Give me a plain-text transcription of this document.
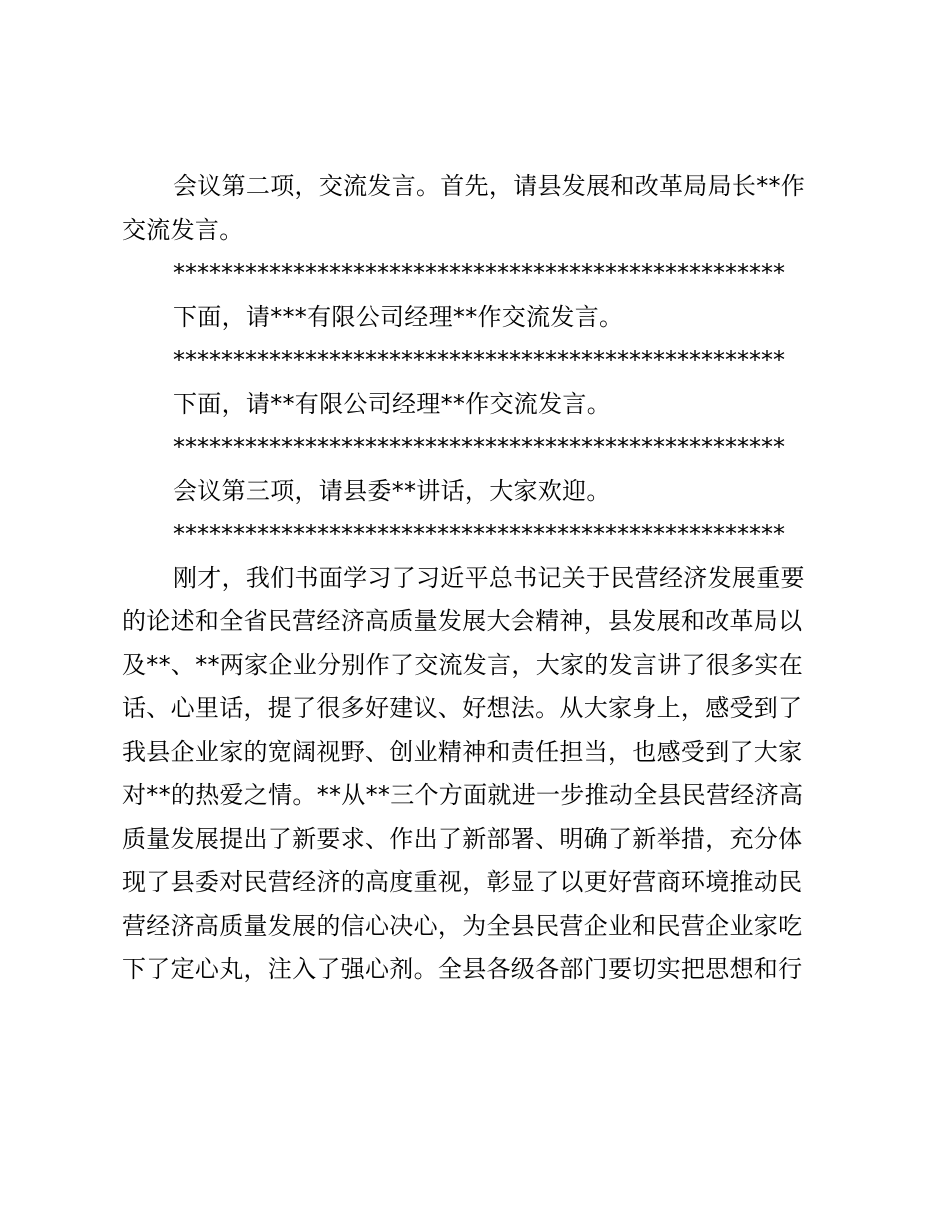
会议第二项，交流发言。首先，请县发展和改革局局长**作交流发言。

***************************************************

下面，请***有限公司经理**作交流发言。

***************************************************

下面，请**有限公司经理**作交流发言。

***************************************************

会议第三项，请县委**讲话，大家欢迎。

***************************************************

刚才，我们书面学习了习近平总书记关于民营经济发展重要的论述和全省民营经济高质量发展大会精神，县发展和改革局以及**、**两家企业分别作了交流发言，大家的发言讲了很多实在话、心里话，提了很多好建议、好想法。从大家身上，感受到了我县企业家的宽阔视野、创业精神和责任担当，也感受到了大家对**的热爱之情。**从**三个方面就进一步推动全县民营经济高质量发展提出了新要求、作出了新部署、明确了新举措，充分体现了县委对民营经济的高度重视，彰显了以更好营商环境推动民营经济高质量发展的信心决心，为全县民营企业和民营企业家吃下了定心丸，注入了强心剂。全县各级各部门要切实把思想和行
